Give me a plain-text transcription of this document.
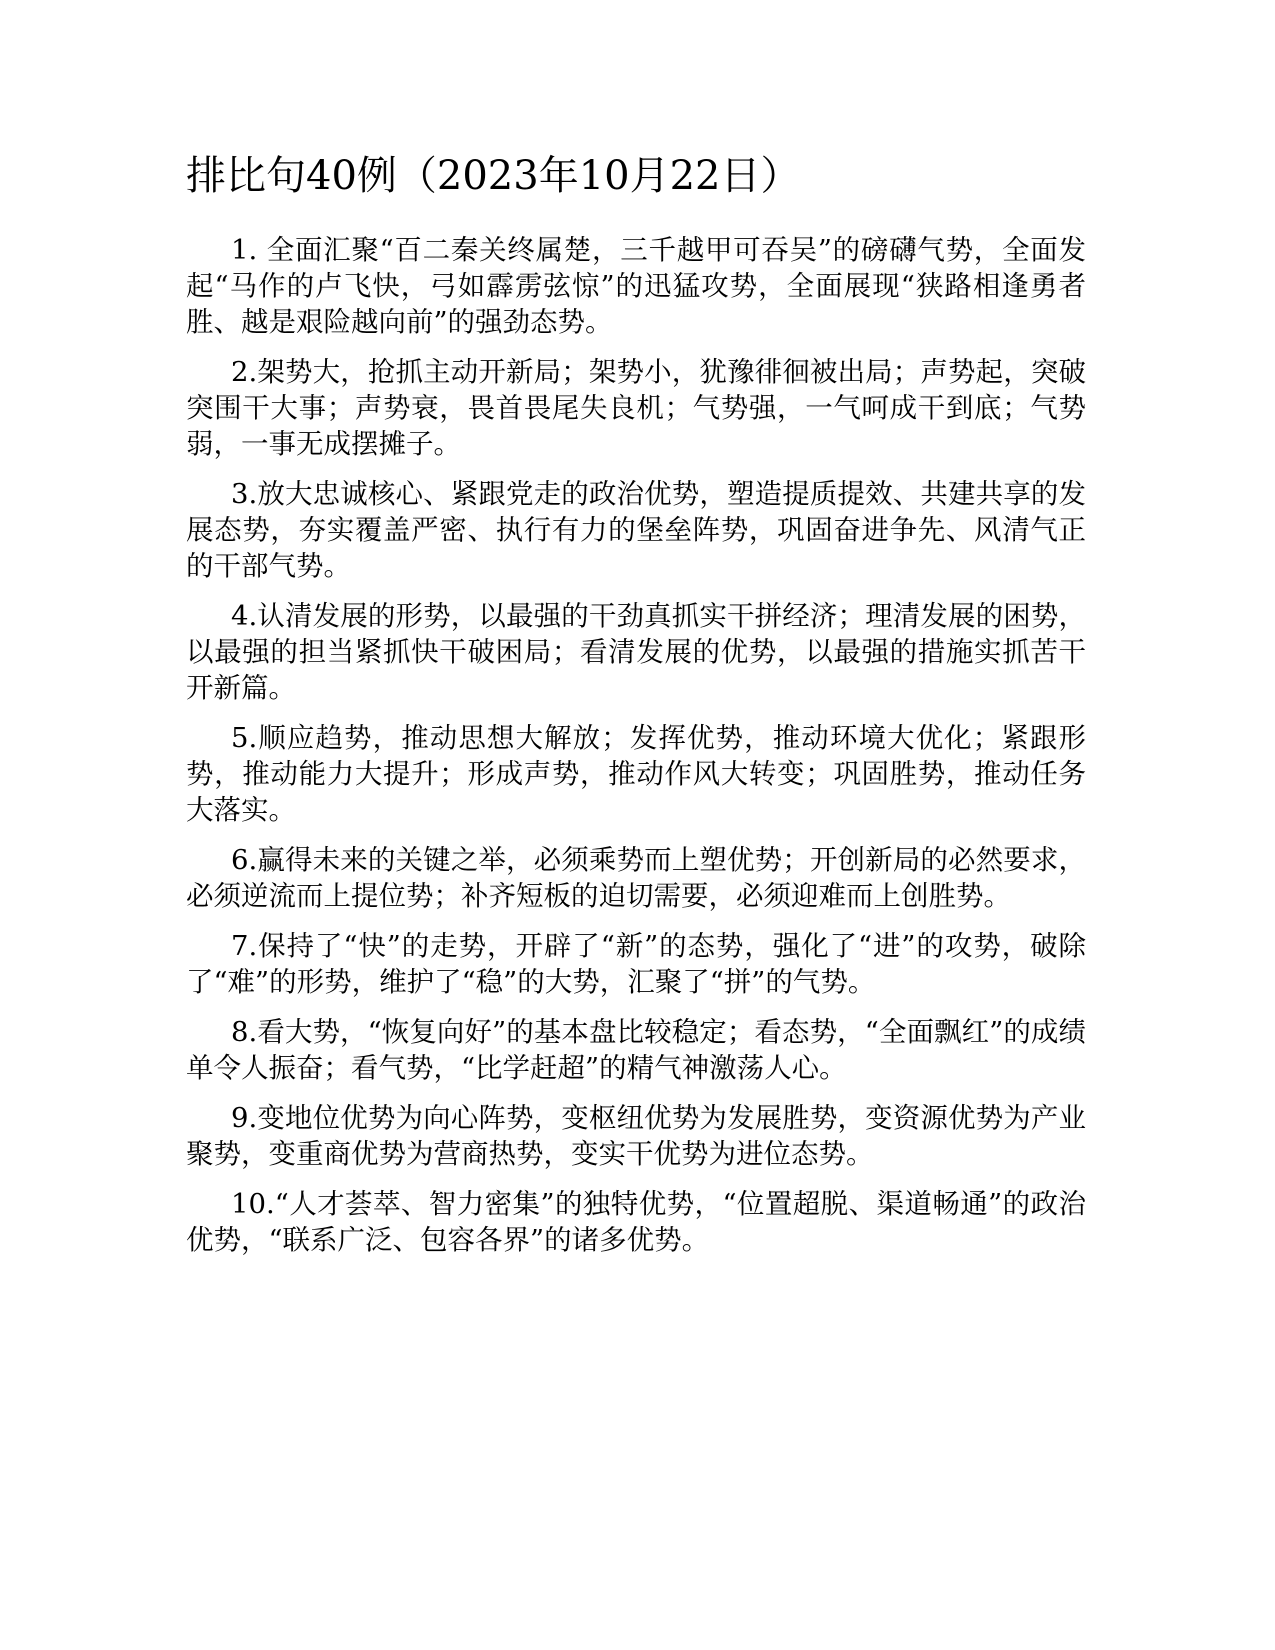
排比句40例（2023年10月22日）

1. 全面汇聚“百二秦关终属楚，三千越甲可吞吴”的磅礴气势，全面发起“马作的卢飞快，弓如霹雳弦惊”的迅猛攻势，全面展现“狭路相逢勇者胜、越是艰险越向前”的强劲态势。

2.架势大，抢抓主动开新局；架势小，犹豫徘徊被出局；声势起，突破突围干大事；声势衰，畏首畏尾失良机；气势强，一气呵成干到底；气势弱，一事无成摆摊子。

3.放大忠诚核心、紧跟党走的政治优势，塑造提质提效、共建共享的发展态势，夯实覆盖严密、执行有力的堡垒阵势，巩固奋进争先、风清气正的干部气势。

4.认清发展的形势，以最强的干劲真抓实干拼经济；理清发展的困势，以最强的担当紧抓快干破困局；看清发展的优势，以最强的措施实抓苦干开新篇。

5.顺应趋势，推动思想大解放；发挥优势，推动环境大优化；紧跟形势，推动能力大提升；形成声势，推动作风大转变；巩固胜势，推动任务大落实。

6.赢得未来的关键之举，必须乘势而上塑优势；开创新局的必然要求，必须逆流而上提位势；补齐短板的迫切需要，必须迎难而上创胜势。

7.保持了“快”的走势，开辟了“新”的态势，强化了“进”的攻势，破除了“难”的形势，维护了“稳”的大势，汇聚了“拼”的气势。

8.看大势，“恢复向好”的基本盘比较稳定；看态势，“全面飘红”的成绩单令人振奋；看气势，“比学赶超”的精气神激荡人心。

9.变地位优势为向心阵势，变枢纽优势为发展胜势，变资源优势为产业聚势，变重商优势为营商热势，变实干优势为进位态势。

10.“人才荟萃、智力密集”的独特优势，“位置超脱、渠道畅通”的政治优势，“联系广泛、包容各界”的诸多优势。
